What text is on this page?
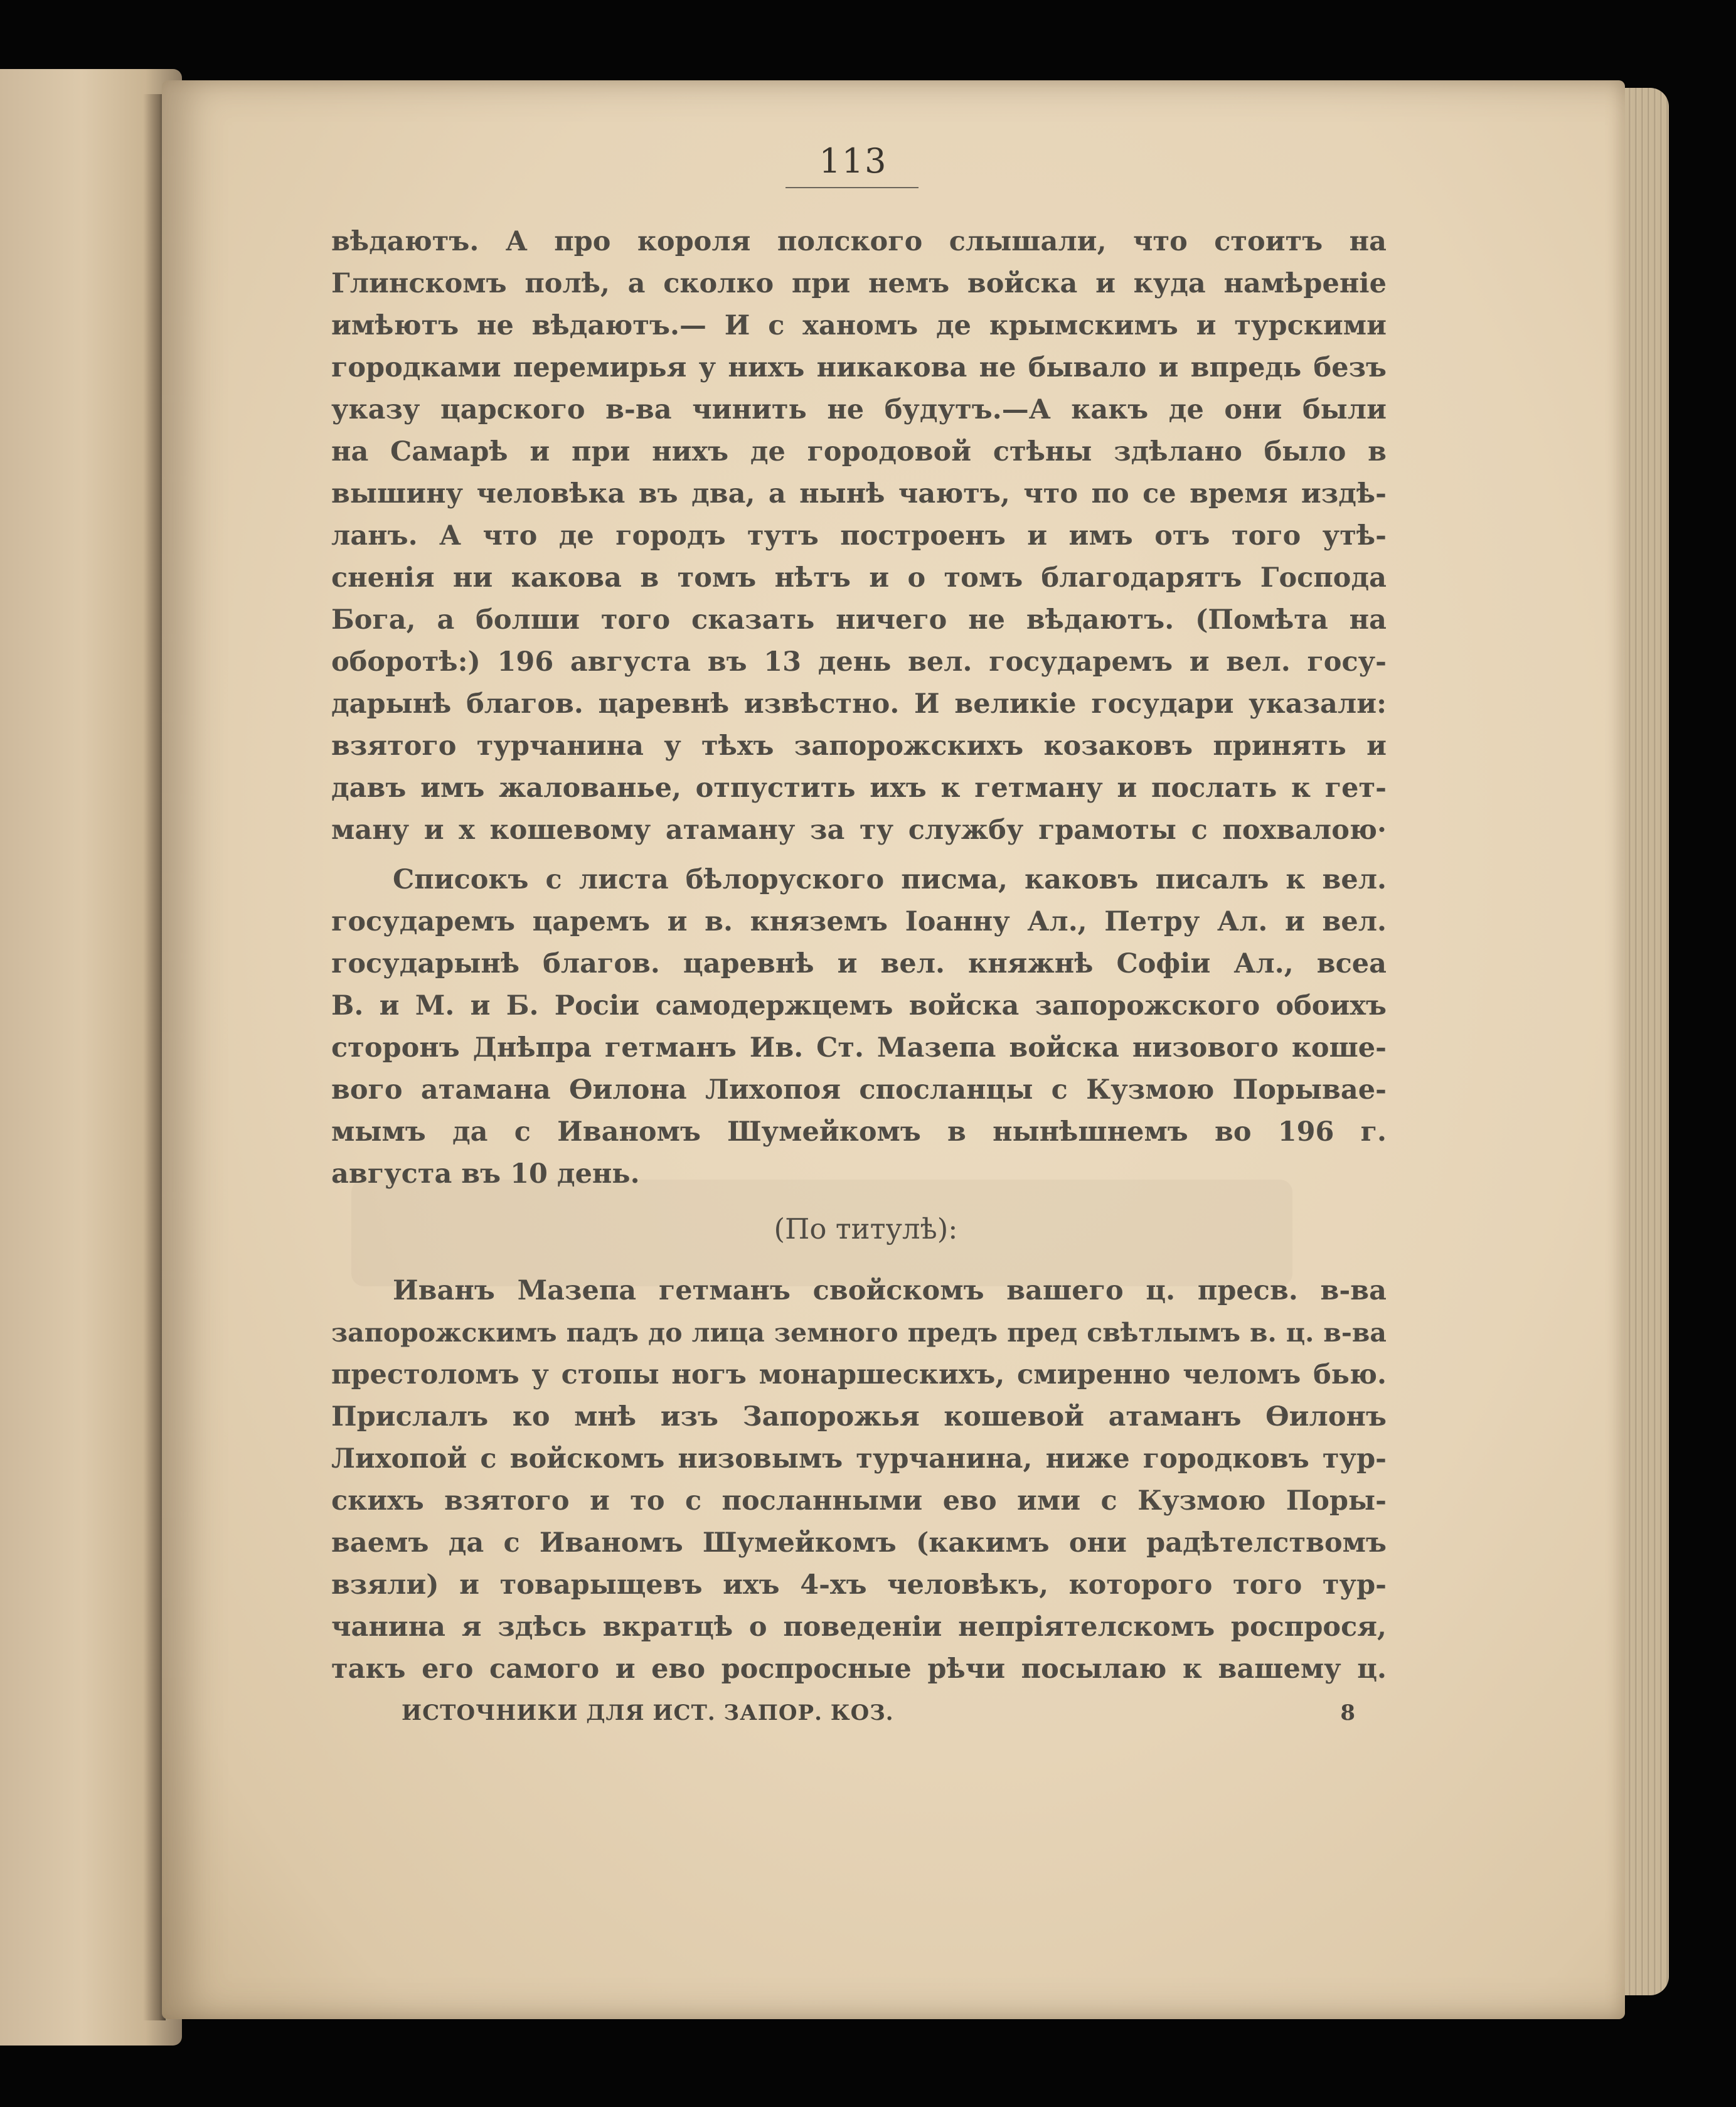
113
вѣдаютъ. А про короля полского слышали, что стоитъ на
Глинскомъ полѣ, а сколко при немъ войска и куда намѣреніе
имѣютъ не вѣдаютъ.— И с ханомъ де крымскимъ и турскими
городками перемирья у нихъ никакова не бывало и впредь безъ
указу царского в-ва чинить не будутъ.—А какъ де они были
на Самарѣ и при нихъ де городовой стѣны здѣлано было в
вышину человѣка въ два, а нынѣ чаютъ, что по се время издѣ-
ланъ. А что де городъ тутъ построенъ и имъ отъ того утѣ-
сненія ни какова в томъ нѣтъ и о томъ благодарятъ Господа
Бога, а болши того сказать ничего не вѣдаютъ. (Помѣта на
оборотѣ:) 196 августа въ 13 день вел. государемъ и вел. госу-
дарынѣ благов. царевнѣ извѣстно. И великіе государи указали:
взятого турчанина у тѣхъ запорожскихъ козаковъ принять и
давъ имъ жалованье, отпустить ихъ к гетману и послать к гет-
ману и х кошевому атаману за ту службу грамоты с похвалою·
Списокъ с листа бѣлоруского писма, каковъ писалъ к вел.
государемъ царемъ и в. княземъ Іоанну Ал., Петру Ал. и вел.
государынѣ благов. царевнѣ и вел. княжнѣ Софіи Ал., всеа
В. и М. и Б. Росіи самодержцемъ войска запорожского обоихъ
сторонъ Днѣпра гетманъ Ив. Ст. Мазепа войска низового коше-
вого атамана Ѳилона Лихопоя спосланцы с Кузмою Порывае-
мымъ да с Иваномъ Шумейкомъ в нынѣшнемъ во 196 г.
августа въ 10 день.
(По титулѣ):
Иванъ Мазепа гетманъ свойскомъ вашего ц. пресв. в-ва
запорожскимъ падъ до лица земного предъ пред свѣтлымъ в. ц. в-ва
престоломъ у стопы ногъ монаршескихъ, смиренно челомъ бью.
Прислалъ ко мнѣ изъ Запорожья кошевой атаманъ Ѳилонъ
Лихопой с войскомъ низовымъ турчанина, ниже городковъ тур-
скихъ взятого и то с посланными ево ими с Кузмою Поры-
ваемъ да с Иваномъ Шумейкомъ (какимъ они радѣтелствомъ
взяли) и товарыщевъ ихъ 4-хъ человѣкъ, которого того тур-
чанина я здѣсь вкратцѣ о поведеніи непріятелскомъ роспрося,
такъ его самого и ево роспросные рѣчи посылаю к вашему ц.
ИСТОЧНИКИ ДЛЯ ИСТ. ЗАПОР. КОЗ.	8
